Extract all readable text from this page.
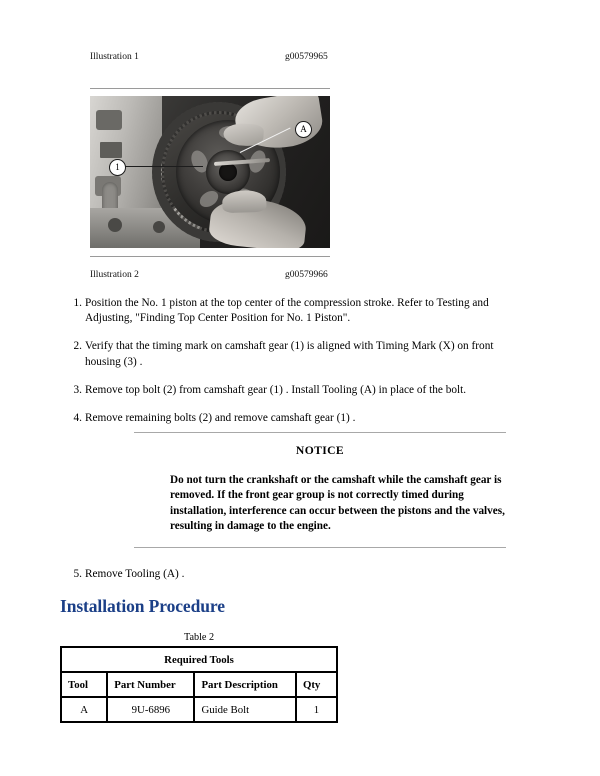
Illustration 1	g00579965
1
A
Illustration 2	g00579966
1. Position the No. 1 piston at the top center of the compression stroke. Refer to Testing and Adjusting, "Finding Top Center Position for No. 1 Piston".
2. Verify that the timing mark on camshaft gear (1) is aligned with Timing Mark (X) on front housing (3) .
3. Remove top bolt (2) from camshaft gear (1) . Install Tooling (A) in place of the bolt.
4. Remove remaining bolts (2) and remove camshaft gear (1) .
NOTICE
Do not turn the crankshaft or the camshaft while the camshaft gear is removed. If the front gear group is not correctly timed during installation, interference can occur between the pistons and the valves, resulting in damage to the engine.
5. Remove Tooling (A) .
Installation Procedure
Table 2
Required Tools			
Tool	Part Number	Part Description	Qty
A	9U-6896	Guide Bolt	1
